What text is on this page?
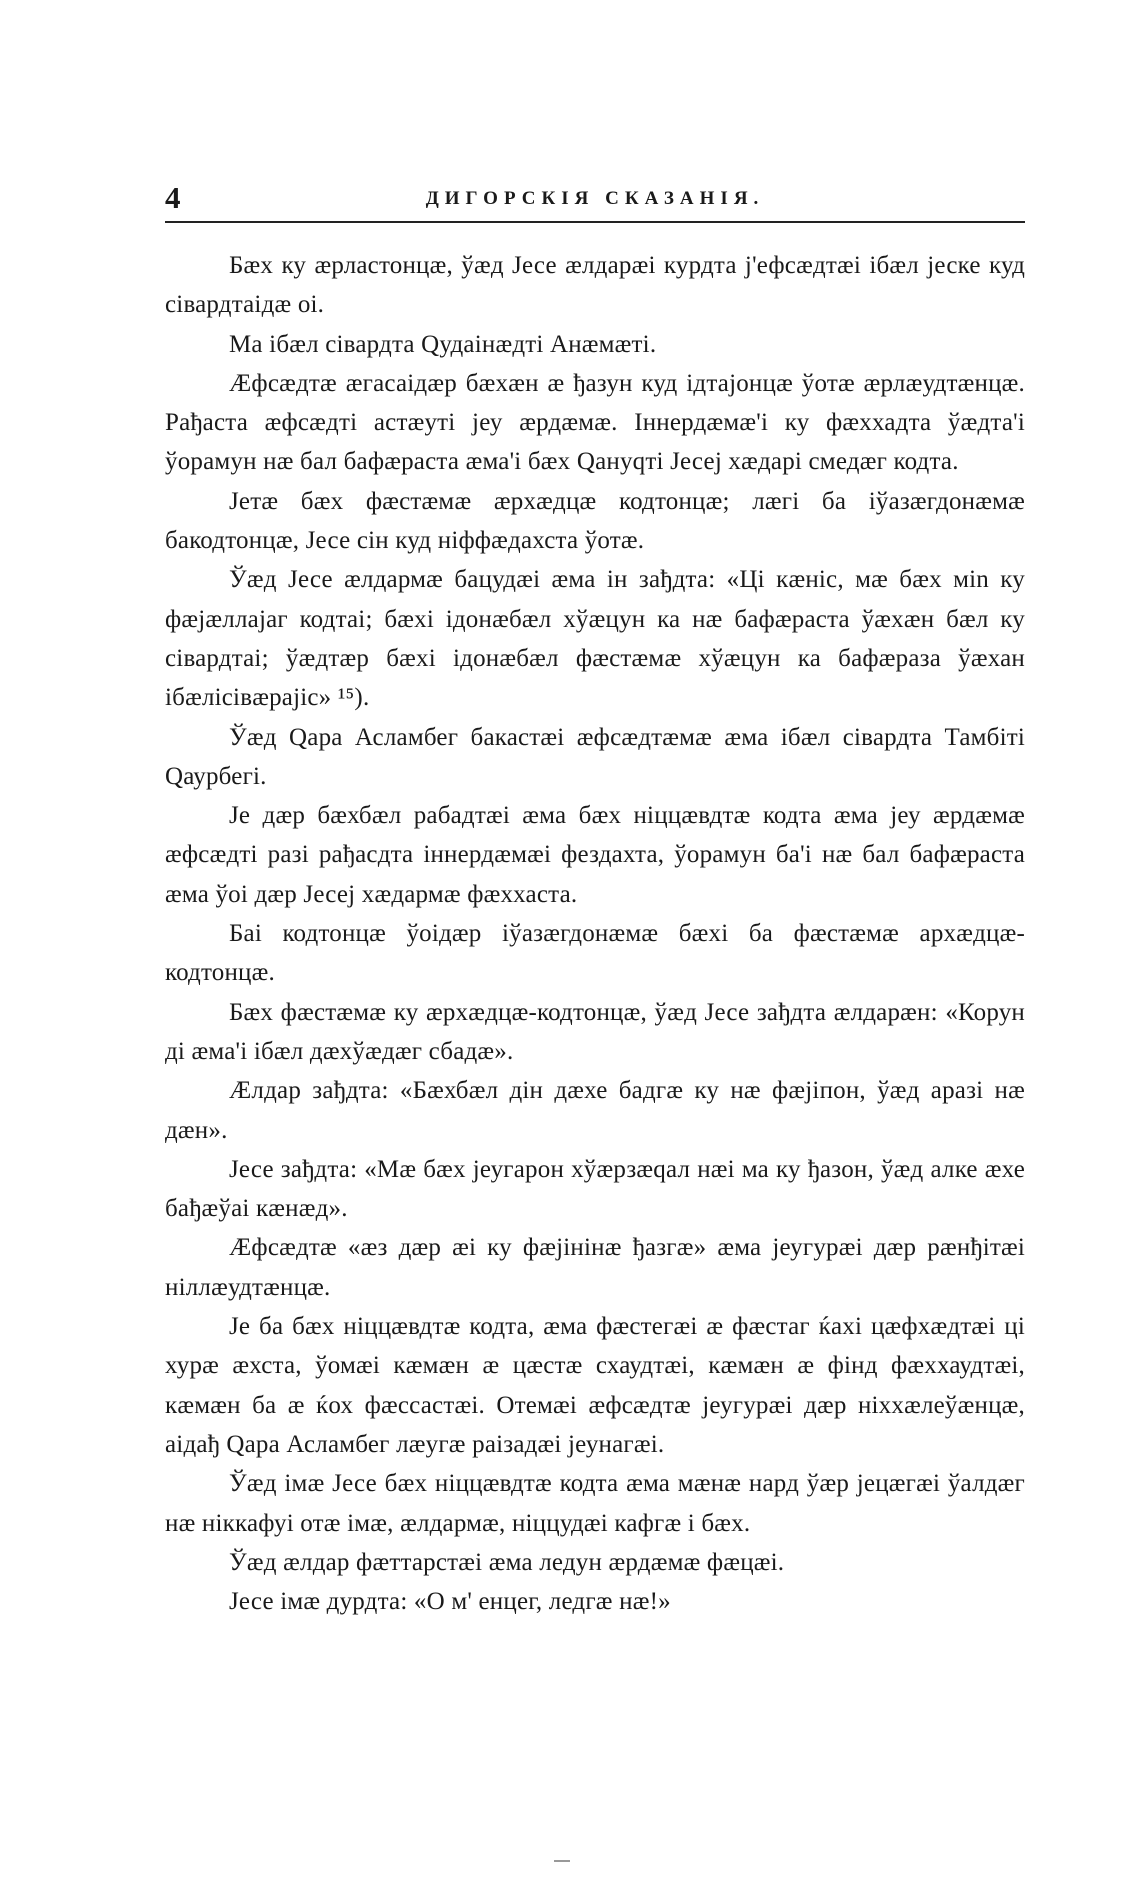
4	ДИГОРСКІЯ СКАЗАНІЯ.

Бæх ку æрластонцæ, ўæд Jесе æлдарæі курдта j'ефсæдтæі ібæл jеске куд сівардтаідæ оі.

Ма ібæл сівардта Qудаінæдті Анæмæті.

Æфсæдтæ æгасаідæр бæхæн æ ђазун куд ідтаjонцæ ўотæ æрлæудтæнцæ. Рађаста æфсæдті астæуті jеу æрдæмæ. Іннердæмæ'і ку фæххадта ўæдта'і ўорамун нæ бал бафæраста æма'і бæх Qануqті Jесеj хæдарі смедæг кодта.

Jетæ бæх фæстæмæ æрхæдцæ кодтонцæ; лæгі ба іўазæгдонæмæ бакодтонцæ, Jесе сін куд ніффæдахста ўотæ.

Ўæд Jесе æлдармæ бацудæі æма ін зађдта: «Ці кæніс, мæ бæх міn ку фæjæллаjаг кодтаі; бæхі ідонæбæл хўæцун ка нæ бафæраста ўæхæн бæл ку сівардтаі; ўæдтæр бæхі ідонæбæл фæстæмæ хўæцун ка бафæраза ўæхан ібæлісівæраjіс» ¹⁵).

Ўæд Qара Асламбег бакастæі æфсæдтæмæ æма ібæл сівардта Тамбіті Qаурбегі.

Jе дæр бæхбæл рабадтæі æма бæх ніццæвдтæ кодта æма jеу æрдæмæ æфсæдті разі рађасдта іннердæмæі фездахта, ўорамун ба'і нæ бал бафæраста æма ўоі дæр Jесеj хæдармæ фæххаста.

Баі кодтонцæ ўоідæр іўазæгдонæмæ бæхі ба фæстæмæ архæдцæ-кодтонцæ.

Бæх фæстæмæ ку æрхæдцæ-кодтонцæ, ўæд Jесе зађдта æлдарæн: «Корун ді æма'і ібæл дæхўæдæг сбадæ».

Æлдар зађдта: «Бæхбæл дін дæхе бадгæ ку нæ фæjіпон, ўæд аразі нæ дæн».

Jесе зађдта: «Мæ бæх jеугарон хўæрзæqал нæі ма ку ђазон, ўæд алке æхе бађæўаі кæнæд».

Æфсæдтæ «æз дæр æі ку фæjінінæ ђазгæ» æма jеугурæі дæр рæнђітæі ніллæудтæнцæ.

Jе ба бæх ніццæвдтæ кодта, æма фæстегæі æ фæстаг ќахі цæфхæдтæі ці хурæ æхста, ўомæі кæмæн æ цæстæ схаудтæі, кæмæн æ фінд фæххаудтæі, кæмæн ба æ ќох фæссастæі. Отемæі æфсæдтæ jеугурæі дæр ніххæлеўæнцæ, аідађ Qара Асламбег лæугæ раізадæі jеунагæі.

Ўæд імæ Jесе бæх ніццæвдтæ кодта æма мæнæ нард ўæр jецæгæі ўалдæг нæ ніккафуі отæ імæ, æлдармæ, ніццудæі кафгæ і бæх.

Ўæд æлдар фæттарстæі æма ледун æрдæмæ фæцæі.

Jесе імæ дурдта: «О м' енцег, ледгæ нæ!»
